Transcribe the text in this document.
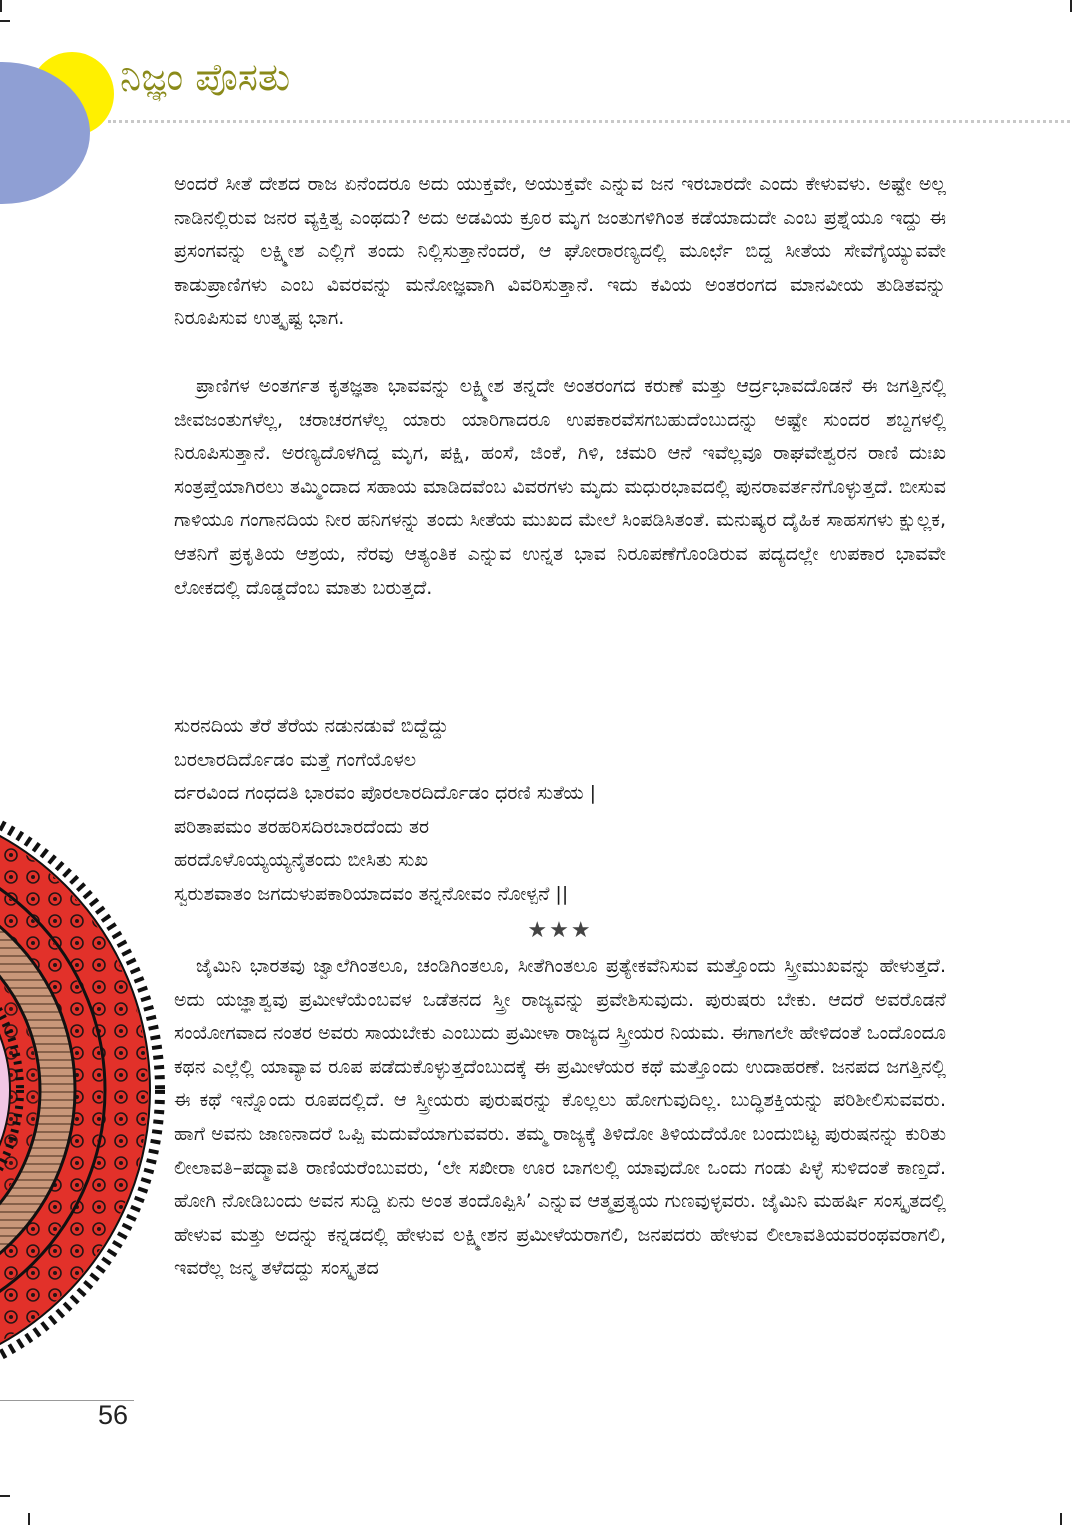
ನಿಜ್ಞಂ ಪೊಸತು

ಅಂದರೆ ಸೀತೆ ದೇಶದ ರಾಜ ಏನೆಂದರೂ ಅದು ಯುಕ್ತವೇ, ಅಯುಕ್ತವೇ ಎನ್ನುವ ಜನ ಇರಬಾರದೇ ಎಂದು ಕೇಳುವಳು. ಅಷ್ಟೇ ಅಲ್ಲ ನಾಡಿನಲ್ಲಿರುವ ಜನರ ವ್ಯಕ್ತಿತ್ವ ಎಂಥದು? ಅದು ಅಡವಿಯ ಕ್ರೂರ ಮೃಗ ಜಂತುಗಳಿಗಿಂತ ಕಡೆಯಾದುದೇ ಎಂಬ ಪ್ರಶ್ನೆಯೂ ಇದ್ದು ಈ ಪ್ರಸಂಗವನ್ನು ಲಕ್ಷ್ಮೀಶ ಎಲ್ಲಿಗೆ ತಂದು ನಿಲ್ಲಿಸುತ್ತಾನೆಂದರೆ, ಆ ಘೋರಾರಣ್ಯದಲ್ಲಿ ಮೂರ್ಛೆ ಬಿದ್ದ ಸೀತೆಯ ಸೇವೆಗೈಯ್ಯುವವೇ ಕಾಡುಪ್ರಾಣಿಗಳು ಎಂಬ ವಿವರವನ್ನು ಮನೋಜ್ಞವಾಗಿ ವಿವರಿಸುತ್ತಾನೆ. ಇದು ಕವಿಯ ಅಂತರಂಗದ ಮಾನವೀಯ ತುಡಿತವನ್ನು ನಿರೂಪಿಸುವ ಉತ್ಕೃಷ್ಟ ಭಾಗ.

ಪ್ರಾಣಿಗಳ ಅಂತರ್ಗತ ಕೃತಜ್ಞತಾ ಭಾವವನ್ನು ಲಕ್ಷ್ಮೀಶ ತನ್ನದೇ ಅಂತರಂಗದ ಕರುಣೆ ಮತ್ತು ಆರ್ದ್ರಭಾವದೊಡನೆ ಈ ಜಗತ್ತಿನಲ್ಲಿ ಜೀವಜಂತುಗಳೆಲ್ಲ, ಚರಾಚರಗಳೆಲ್ಲ ಯಾರು ಯಾರಿಗಾದರೂ ಉಪಕಾರವೆಸಗಬಹುದೆಂಬುದನ್ನು ಅಷ್ಟೇ ಸುಂದರ ಶಬ್ದಗಳಲ್ಲಿ ನಿರೂಪಿಸುತ್ತಾನೆ. ಅರಣ್ಯದೊಳಗಿದ್ದ ಮೃಗ, ಪಕ್ಷಿ, ಹಂಸೆ, ಜಿಂಕೆ, ಗಿಳಿ, ಚಮರಿ ಆನೆ ಇವೆಲ್ಲವೂ ರಾಘವೇಶ್ವರನ ರಾಣಿ ದುಃಖ ಸಂತ್ರಪ್ತೆಯಾಗಿರಲು ತಮ್ಮಿಂದಾದ ಸಹಾಯ ಮಾಡಿದವೆಂಬ ವಿವರಗಳು ಮೃದು ಮಧುರಭಾವದಲ್ಲಿ ಪುನರಾವರ್ತನೆಗೊಳ್ಳುತ್ತದೆ. ಬೀಸುವ ಗಾಳಿಯೂ ಗಂಗಾನದಿಯ ನೀರ ಹನಿಗಳನ್ನು ತಂದು ಸೀತೆಯ ಮುಖದ ಮೇಲೆ ಸಿಂಪಡಿಸಿತಂತೆ. ಮನುಷ್ಯರ ದೈಹಿಕ ಸಾಹಸಗಳು ಕ್ಷುಲ್ಲಕ, ಆತನಿಗೆ ಪ್ರಕೃತಿಯ ಆಶ್ರಯ, ನೆರವು ಆತ್ಯಂತಿಕ ಎನ್ನುವ ಉನ್ನತ ಭಾವ ನಿರೂಪಣೆಗೊಂಡಿರುವ ಪದ್ಯದಲ್ಲೇ ಉಪಕಾರ ಭಾವವೇ ಲೋಕದಲ್ಲಿ ದೊಡ್ಡದೆಂಬ ಮಾತು ಬರುತ್ತದೆ.

ಸುರನದಿಯ ತೆರೆ ತೆರೆಯ ನಡುನಡುವೆ ಬಿದ್ದೆದ್ದು
ಬರಲಾರದಿರ್ದೊಡಂ ಮತ್ತೆ ಗಂಗೆಯೊಳಲ
ರ್ದರವಿಂದ ಗಂಧದತಿ ಭಾರವಂ ಪೊರಲಾರದಿರ್ದೊಡಂ ಧರಣಿ ಸುತೆಯ |
ಪರಿತಾಪಮಂ ತರಹರಿಸದಿರಬಾರದೆಂದು ತರ
ಹರದೊಳೊಯ್ಯಯ್ಯನೈತಂದು ಬೀಸಿತು ಸುಖ
ಸ್ವರುಶವಾತಂ ಜಗದುಳುಪಕಾರಿಯಾದವಂ ತನ್ನನೋವಂ ನೋಳ್ಪನೆ ||
★★★

ಜೈಮಿನಿ ಭಾರತವು ಜ್ವಾಲೆಗಿಂತಲೂ, ಚಂಡಿಗಿಂತಲೂ, ಸೀತೆಗಿಂತಲೂ ಪ್ರತ್ಯೇಕವೆನಿಸುವ ಮತ್ತೊಂದು ಸ್ತ್ರೀಮುಖವನ್ನು ಹೇಳುತ್ತದೆ. ಅದು ಯಜ್ಞಾಶ್ವವು ಪ್ರಮೀಳೆಯೆಂಬವಳ ಒಡೆತನದ ಸ್ತ್ರೀ ರಾಜ್ಯವನ್ನು ಪ್ರವೇಶಿಸುವುದು. ಪುರುಷರು ಬೇಕು. ಆದರೆ ಅವರೊಡನೆ ಸಂಯೋಗವಾದ ನಂತರ ಅವರು ಸಾಯಬೇಕು ಎಂಬುದು ಪ್ರಮೀಳಾ ರಾಜ್ಯದ ಸ್ತ್ರೀಯರ ನಿಯಮ. ಈಗಾಗಲೇ ಹೇಳಿದಂತೆ ಒಂದೊಂದೂ ಕಥನ ಎಲ್ಲೆಲ್ಲಿ ಯಾವ್ಯಾವ ರೂಪ ಪಡೆದುಕೊಳ್ಳುತ್ತದೆಂಬುದಕ್ಕೆ ಈ ಪ್ರಮೀಳೆಯರ ಕಥೆ ಮತ್ತೊಂದು ಉದಾಹರಣೆ. ಜನಪದ ಜಗತ್ತಿನಲ್ಲಿ ಈ ಕಥೆ ಇನ್ನೊಂದು ರೂಪದಲ್ಲಿದೆ. ಆ ಸ್ತ್ರೀಯರು ಪುರುಷರನ್ನು ಕೊಲ್ಲಲು ಹೋಗುವುದಿಲ್ಲ. ಬುದ್ಧಿಶಕ್ತಿಯನ್ನು ಪರಿಶೀಲಿಸುವವರು. ಹಾಗೆ ಅವನು ಜಾಣನಾದರೆ ಒಪ್ಪಿ ಮದುವೆಯಾಗುವವರು. ತಮ್ಮ ರಾಜ್ಯಕ್ಕೆ ತಿಳಿದೋ ತಿಳಿಯದೆಯೋ ಬಂದುಬಿಟ್ಟ ಪುರುಷನನ್ನು ಕುರಿತು ಲೀಲಾವತಿ–ಪದ್ಮಾವತಿ ರಾಣಿಯರೆಂಬುವರು, ‘ಲೇ ಸಖೀರಾ ಊರ ಬಾಗಲಲ್ಲಿ ಯಾವುದೋ ಒಂದು ಗಂಡು ಪಿಳ್ಳೆ ಸುಳಿದಂತೆ ಕಾಣ್ತದೆ. ಹೋಗಿ ನೋಡಿಬಂದು ಅವನ ಸುದ್ದಿ ಏನು ಅಂತ ತಂದೊಪ್ಪಿಸಿ’ ಎನ್ನುವ ಆತ್ಮಪ್ರತ್ಯಯ ಗುಣವುಳ್ಳವರು. ಜೈಮಿನಿ ಮಹರ್ಷಿ ಸಂಸ್ಕೃತದಲ್ಲಿ ಹೇಳುವ ಮತ್ತು ಅದನ್ನು ಕನ್ನಡದಲ್ಲಿ ಹೇಳುವ ಲಕ್ಷ್ಮೀಶನ ಪ್ರಮೀಳೆಯರಾಗಲಿ, ಜನಪದರು ಹೇಳುವ ಲೀಲಾವತಿಯವರಂಥವರಾಗಲಿ, ಇವರೆಲ್ಲ ಜನ್ಮ ತಳೆದದ್ದು ಸಂಸ್ಕೃತದ

56
